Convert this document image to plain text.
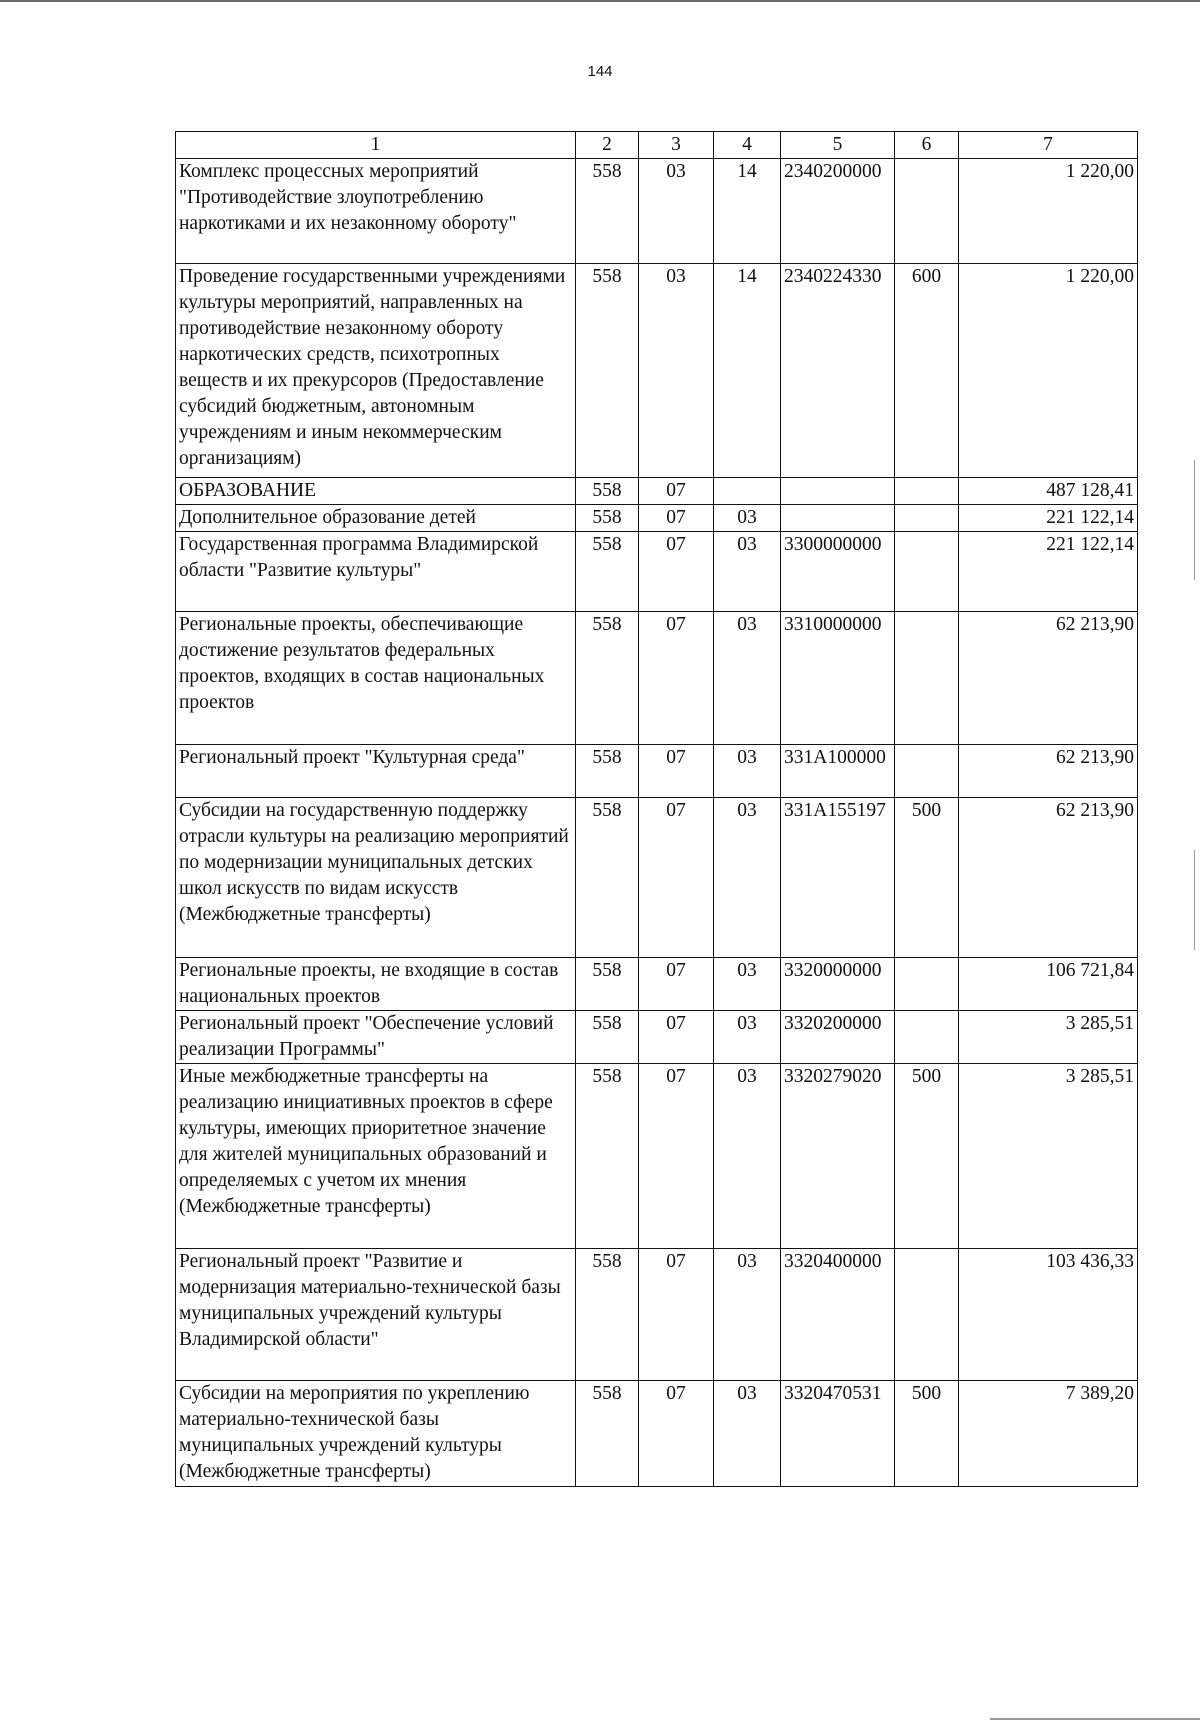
144
1	2	3	4	5	6	7
Комплекс процессных мероприятий "Противодействие злоупотреблению наркотиками и их незаконному обороту"	558	03	14	2340200000		1 220,00
Проведение государственными учреждениями культуры мероприятий, направленных на противодействие незаконному обороту наркотических средств, психотропных веществ и их прекурсоров (Предоставление субсидий бюджетным, автономным учреждениям и иным некоммерческим организациям)	558	03	14	2340224330	600	1 220,00
ОБРАЗОВАНИЕ	558	07				487 128,41
Дополнительное образование детей	558	07	03			221 122,14
Государственная программа Владимирской области "Развитие культуры"	558	07	03	3300000000		221 122,14
Региональные проекты, обеспечивающие достижение результатов федеральных проектов, входящих в состав национальных проектов	558	07	03	3310000000		62 213,90
Региональный проект "Культурная среда"	558	07	03	331А100000		62 213,90
Субсидии на государственную поддержку отрасли культуры на реализацию мероприятий по модернизации муниципальных детских школ искусств по видам искусств (Межбюджетные трансферты)	558	07	03	331А155197	500	62 213,90
Региональные проекты, не входящие в состав национальных проектов	558	07	03	3320000000		106 721,84
Региональный проект "Обеспечение условий реализации Программы"	558	07	03	3320200000		3 285,51
Иные межбюджетные трансферты на реализацию инициативных проектов в сфере культуры, имеющих приоритетное значение для жителей муниципальных образований и определяемых с учетом их мнения (Межбюджетные трансферты)	558	07	03	3320279020	500	3 285,51
Региональный проект "Развитие и модернизация материально-технической базы муниципальных учреждений культуры Владимирской области"	558	07	03	3320400000		103 436,33
Субсидии на мероприятия по укреплению материально-технической базы муниципальных учреждений культуры (Межбюджетные трансферты)	558	07	03	3320470531	500	7 389,20
